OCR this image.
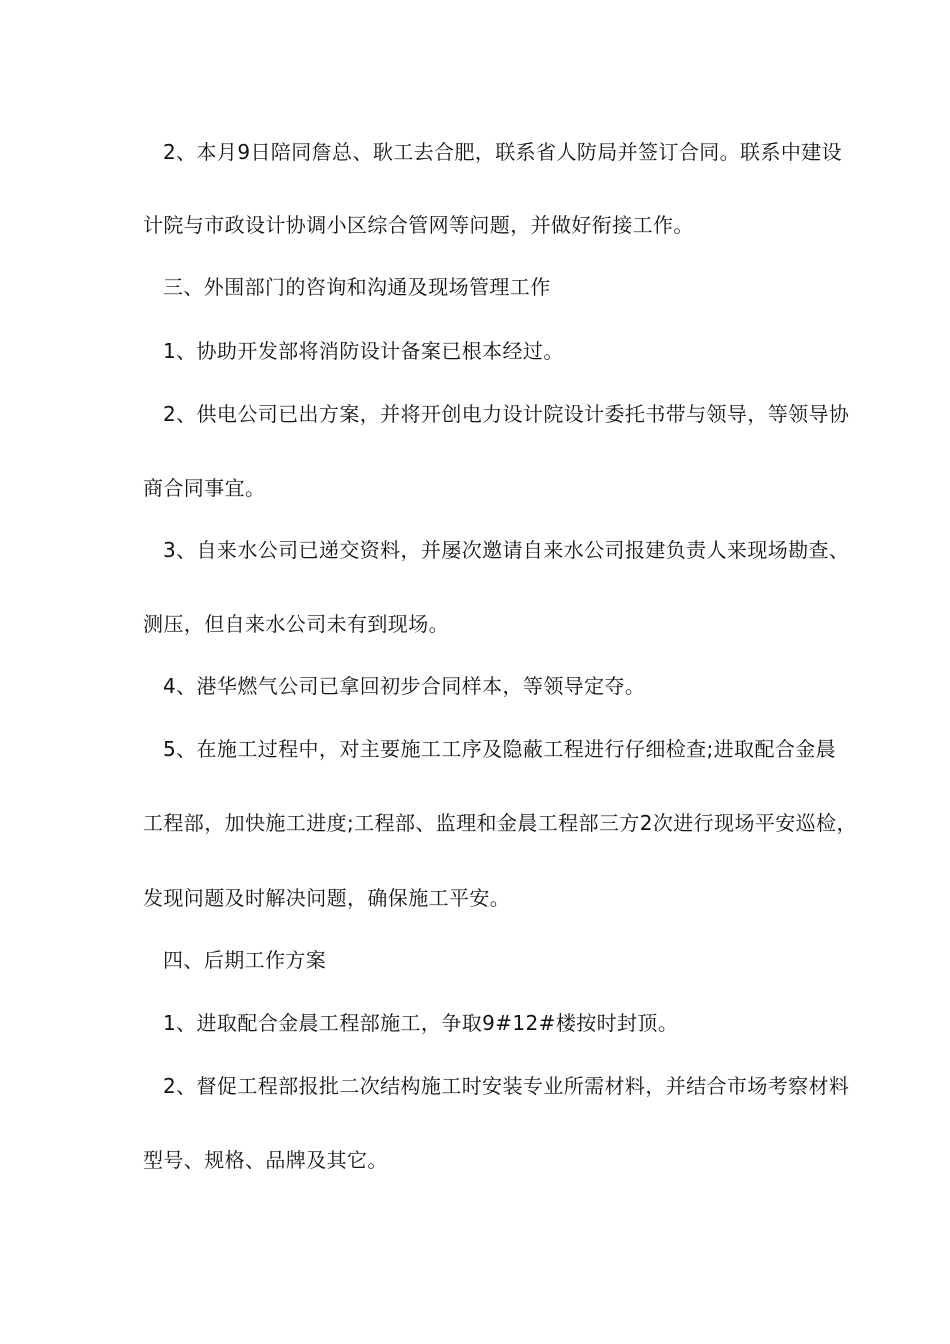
2、本月9日陪同詹总、耿工去合肥，联系省人防局并签订合同。联系中建设
计院与市政设计协调小区综合管网等问题，并做好衔接工作。
三、外围部门的咨询和沟通及现场管理工作
1、协助开发部将消防设计备案已根本经过。
2、供电公司已出方案，并将开创电力设计院设计委托书带与领导，等领导协
商合同事宜。
3、自来水公司已递交资料，并屡次邀请自来水公司报建负责人来现场勘查、
测压，但自来水公司未有到现场。
4、港华燃气公司已拿回初步合同样本，等领导定夺。
5、在施工过程中，对主要施工工序及隐蔽工程进行仔细检查;进取配合金晨
工程部，加快施工进度;工程部、监理和金晨工程部三方2次进行现场平安巡检，
发现问题及时解决问题，确保施工平安。
四、后期工作方案
1、进取配合金晨工程部施工，争取9#12#楼按时封顶。
2、督促工程部报批二次结构施工时安装专业所需材料，并结合市场考察材料
型号、规格、品牌及其它。
